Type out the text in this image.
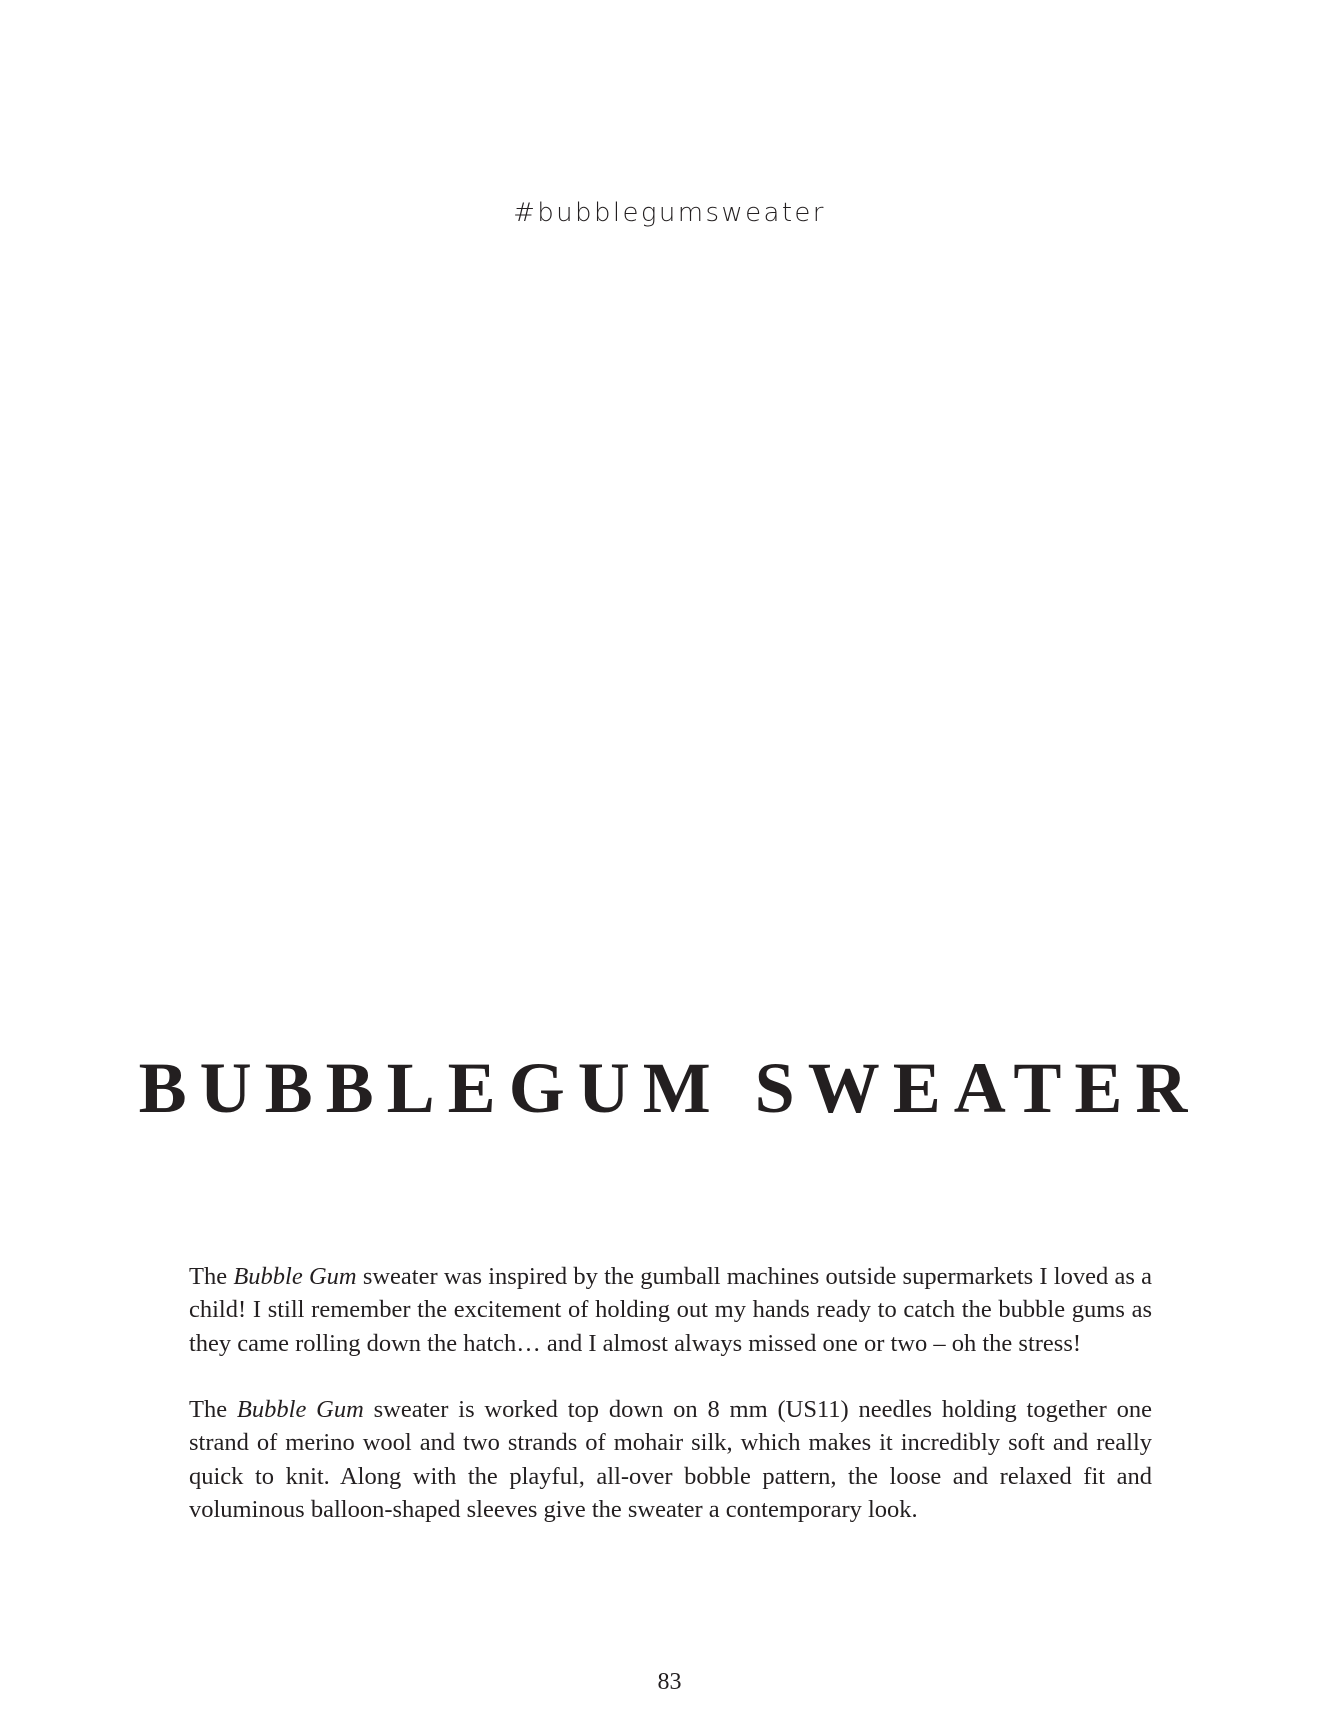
#bubblegumsweater
BUBBLEGUM SWEATER

The Bubble Gum sweater was inspired by the gumball machines outside supermarkets I loved as a child! I still remember the excitement of holding out my hands ready to catch the bubble gums as they came rolling down the hatch… and I almost always missed one or two – oh the stress!

The Bubble Gum sweater is worked top down on 8 mm (US11) needles holding together one strand of merino wool and two strands of mohair silk, which makes it incredibly soft and really quick to knit. Along with the playful, all-over bobble pattern, the loose and relaxed fit and voluminous balloon-shaped sleeves give the sweater a contemporary look.

83
